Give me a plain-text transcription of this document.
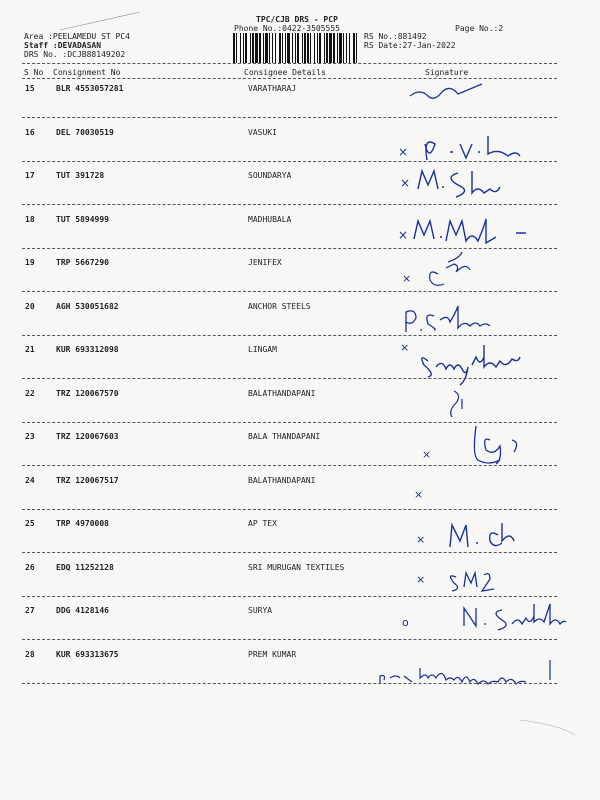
TPC/CJB DRS - PCP
Phone No.:0422-3505555	Page No.:2
Area :PEELAMEDU ST PC4
Staff :DEVADASAN
DRS No. :DCJB88149202
RS No.:881492
RS Date:27-Jan-2022
S No Consignment No	Consignee Details	Signature
15	BLR 4553057281	VARATHARAJ
16	DEL 70030519	VASUKI
×
17	TUT 391728	SOUNDARYA
×
18	TUT 5894999	MADHUBALA
×
19	TRP 5667290	JENIFEX
×
20	AGH 530051682	ANCHOR STEELS
21	KUR 693312098	LINGAM	×
22	TRZ 120067570	BALATHANDAPANI
23	TRZ 120067603	BALA THANDAPANI
×
24	TRZ 120067517	BALATHANDAPANI
×
25	TRP 4970008	AP TEX
×
26	EDQ 11252128	SRI MURUGAN TEXTILES
×
27	DDG 4128146	SURYA
o
28	KUR 693313675	PREM KUMAR
